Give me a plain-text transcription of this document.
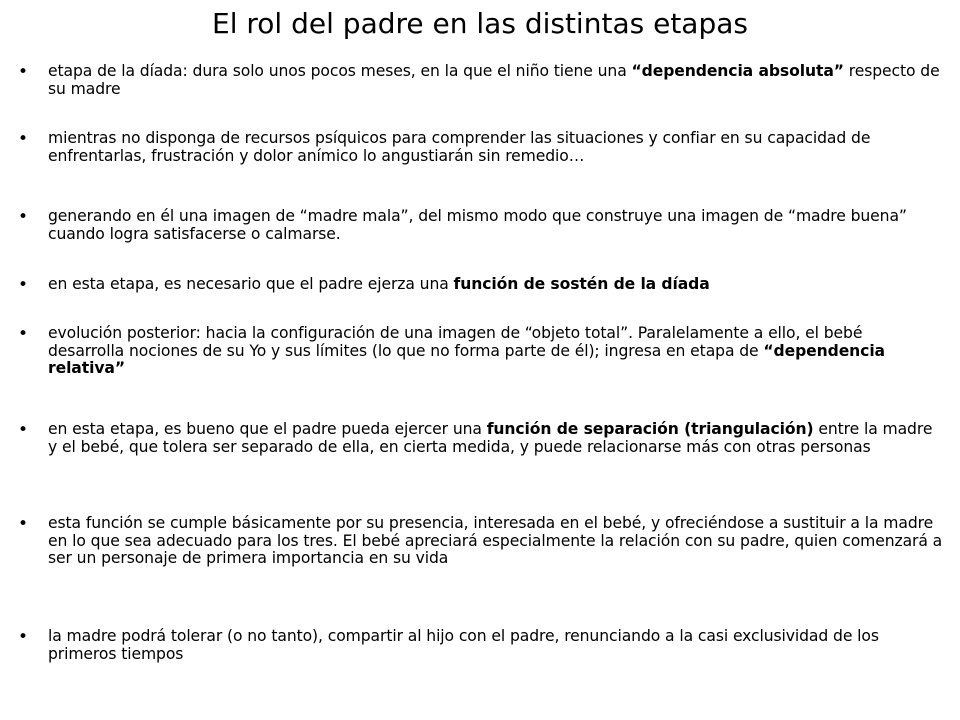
El rol del padre en las distintas etapas
•	etapa de la díada: dura solo unos pocos meses, en la que el niño tiene una “dependencia absoluta” respecto de su madre
•	mientras no disponga de recursos psíquicos para comprender las situaciones y confiar en su capacidad de enfrentarlas, frustración y dolor anímico lo angustiarán sin remedio…
•	generando en él una imagen de “madre mala”, del mismo modo que construye una imagen de “madre buena” cuando logra satisfacerse o calmarse.
•	en esta etapa, es necesario que el padre ejerza una función de sostén de la díada
•	evolución posterior: hacia la configuración de una imagen de “objeto total”. Paralelamente a ello, el bebé desarrolla nociones de su Yo y sus límites (lo que no forma parte de él); ingresa en etapa de “dependencia relativa”
•	en esta etapa, es bueno que el padre pueda ejercer una función de separación (triangulación) entre la madre y el bebé, que tolera ser separado de ella, en cierta medida, y puede relacionarse más con otras personas
•	esta función se cumple básicamente por su presencia, interesada en el bebé, y ofreciéndose a sustituir a la madre en lo que sea adecuado para los tres. El bebé apreciará especialmente la relación con su padre, quien comenzará a ser un personaje de primera importancia en su vida
•	la madre podrá tolerar (o no tanto), compartir al hijo con el padre, renunciando a la casi exclusividad de los primeros tiempos
